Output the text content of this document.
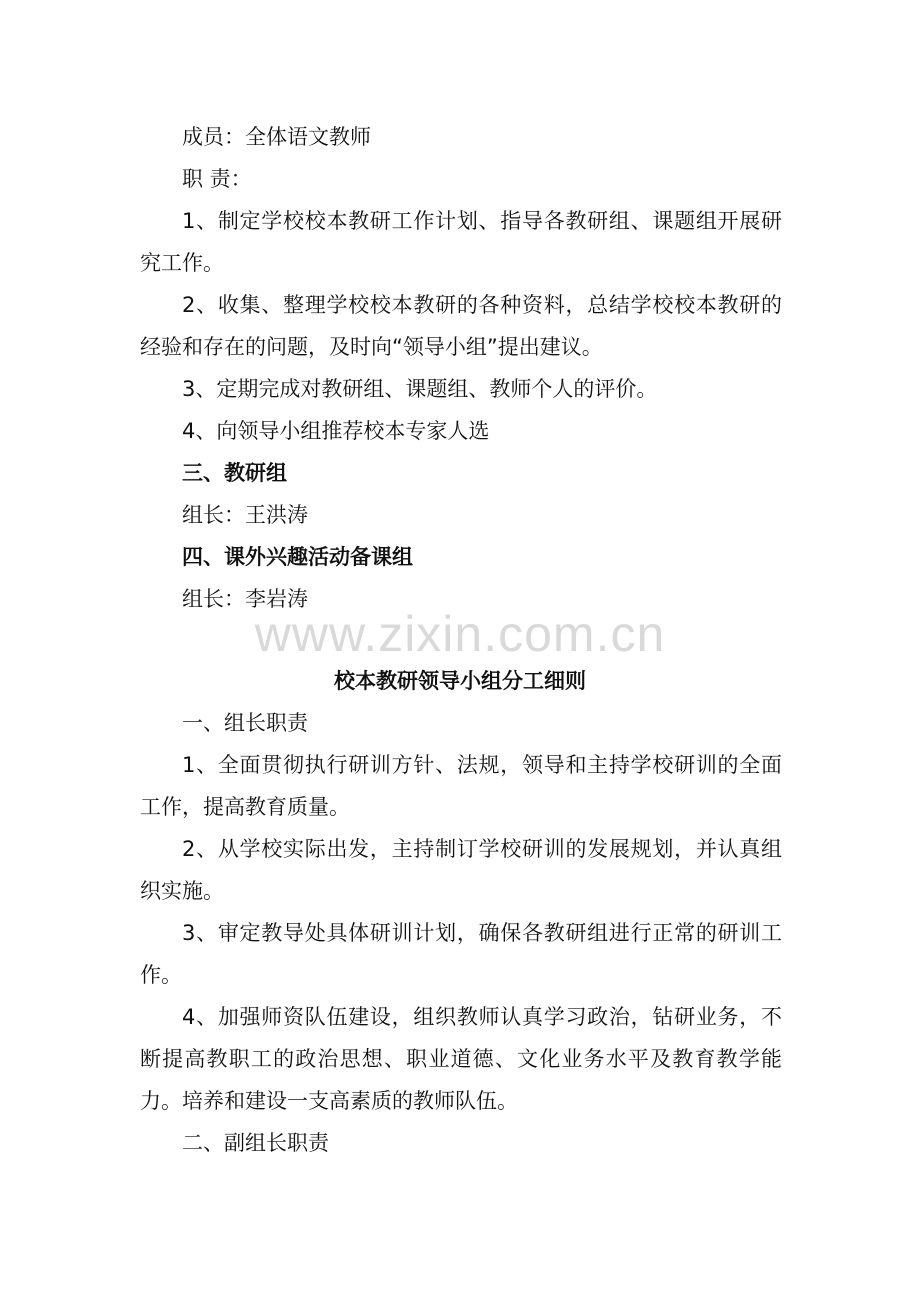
成员：全体语文教师

职 责：

1、制定学校校本教研工作计划、指导各教研组、课题组开展研究工作。

2、收集、整理学校校本教研的各种资料，总结学校校本教研的经验和存在的问题，及时向“领导小组”提出建议。

3、定期完成对教研组、课题组、教师个人的评价。

4、向领导小组推荐校本专家人选

三、教研组

组长：王洪涛

四、课外兴趣活动备课组

组长：李岩涛

www.zixin.com.cn

校本教研领导小组分工细则

一、组长职责

1、全面贯彻执行研训方针、法规，领导和主持学校研训的全面工作，提高教育质量。

2、从学校实际出发，主持制订学校研训的发展规划，并认真组织实施。

3、审定教导处具体研训计划，确保各教研组进行正常的研训工作。

4、加强师资队伍建设，组织教师认真学习政治，钻研业务，不断提高教职工的政治思想、职业道德、文化业务水平及教育教学能力。培养和建设一支高素质的教师队伍。

二、副组长职责
